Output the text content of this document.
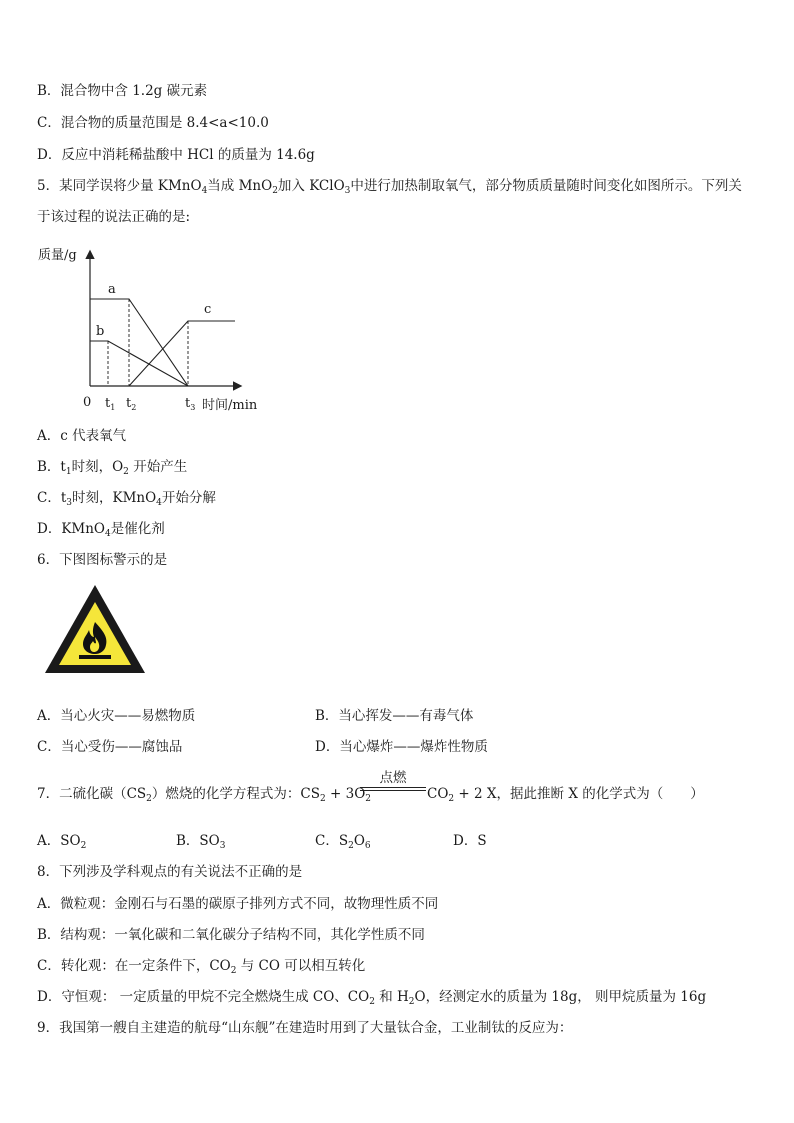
B．混合物中含 1.2g 碳元素
C．混合物的质量范围是 8.4<a<10.0
D．反应中消耗稀盐酸中 HCl 的质量为 14.6g
5．某同学误将少量 KMnO$_4$当成 MnO$_2$加入 KClO$_3$中进行加热制取氧气，部分物质质量随时间变化如图所示。下列关
于该过程的说法正确的是:
质量/g
a
b
c
0 $t_1$ $t_2$	$t_3$ 时间/min
A．c 代表氧气
B．$t_1$时刻，$O_2$ 开始产生
C．$t_3$时刻，KMnO$_4$开始分解
D．KMnO$_4$是催化剂
6．下图图标警示的是
A．当心火灾——易燃物质	B．当心挥发——有毒气体
C．当心受伤——腐蚀品	D．当心爆炸——爆炸性物质
7．二硫化碳$(CS_2)$燃烧的化学方程式为：$CS_2 + 3O_2$
点燃
$CO_2 + 2$ X，据此推断 X 的化学式为（　　）
A．$SO_2$	B．$SO_3$	C．$S_2O_6$	D．S
8．下列涉及学科观点的有关说法不正确的是
A．微粒观：金刚石与石墨的碳原子排列方式不同，故物理性质不同
B．结构观：一氧化碳和二氧化碳分子结构不同，其化学性质不同
C．转化观：在一定条件下，$CO_2$ 与 CO 可以相互转化
D．守恒观： 一定质量的甲烷不完全燃烧生成 CO、$CO_2$ 和 $H_2O$，经测定水的质量为 18g， 则甲烷质量为 16g
9．我国第一艘自主建造的航母“山东舰”在建造时用到了大量钛合金，工业制钛的反应为：
